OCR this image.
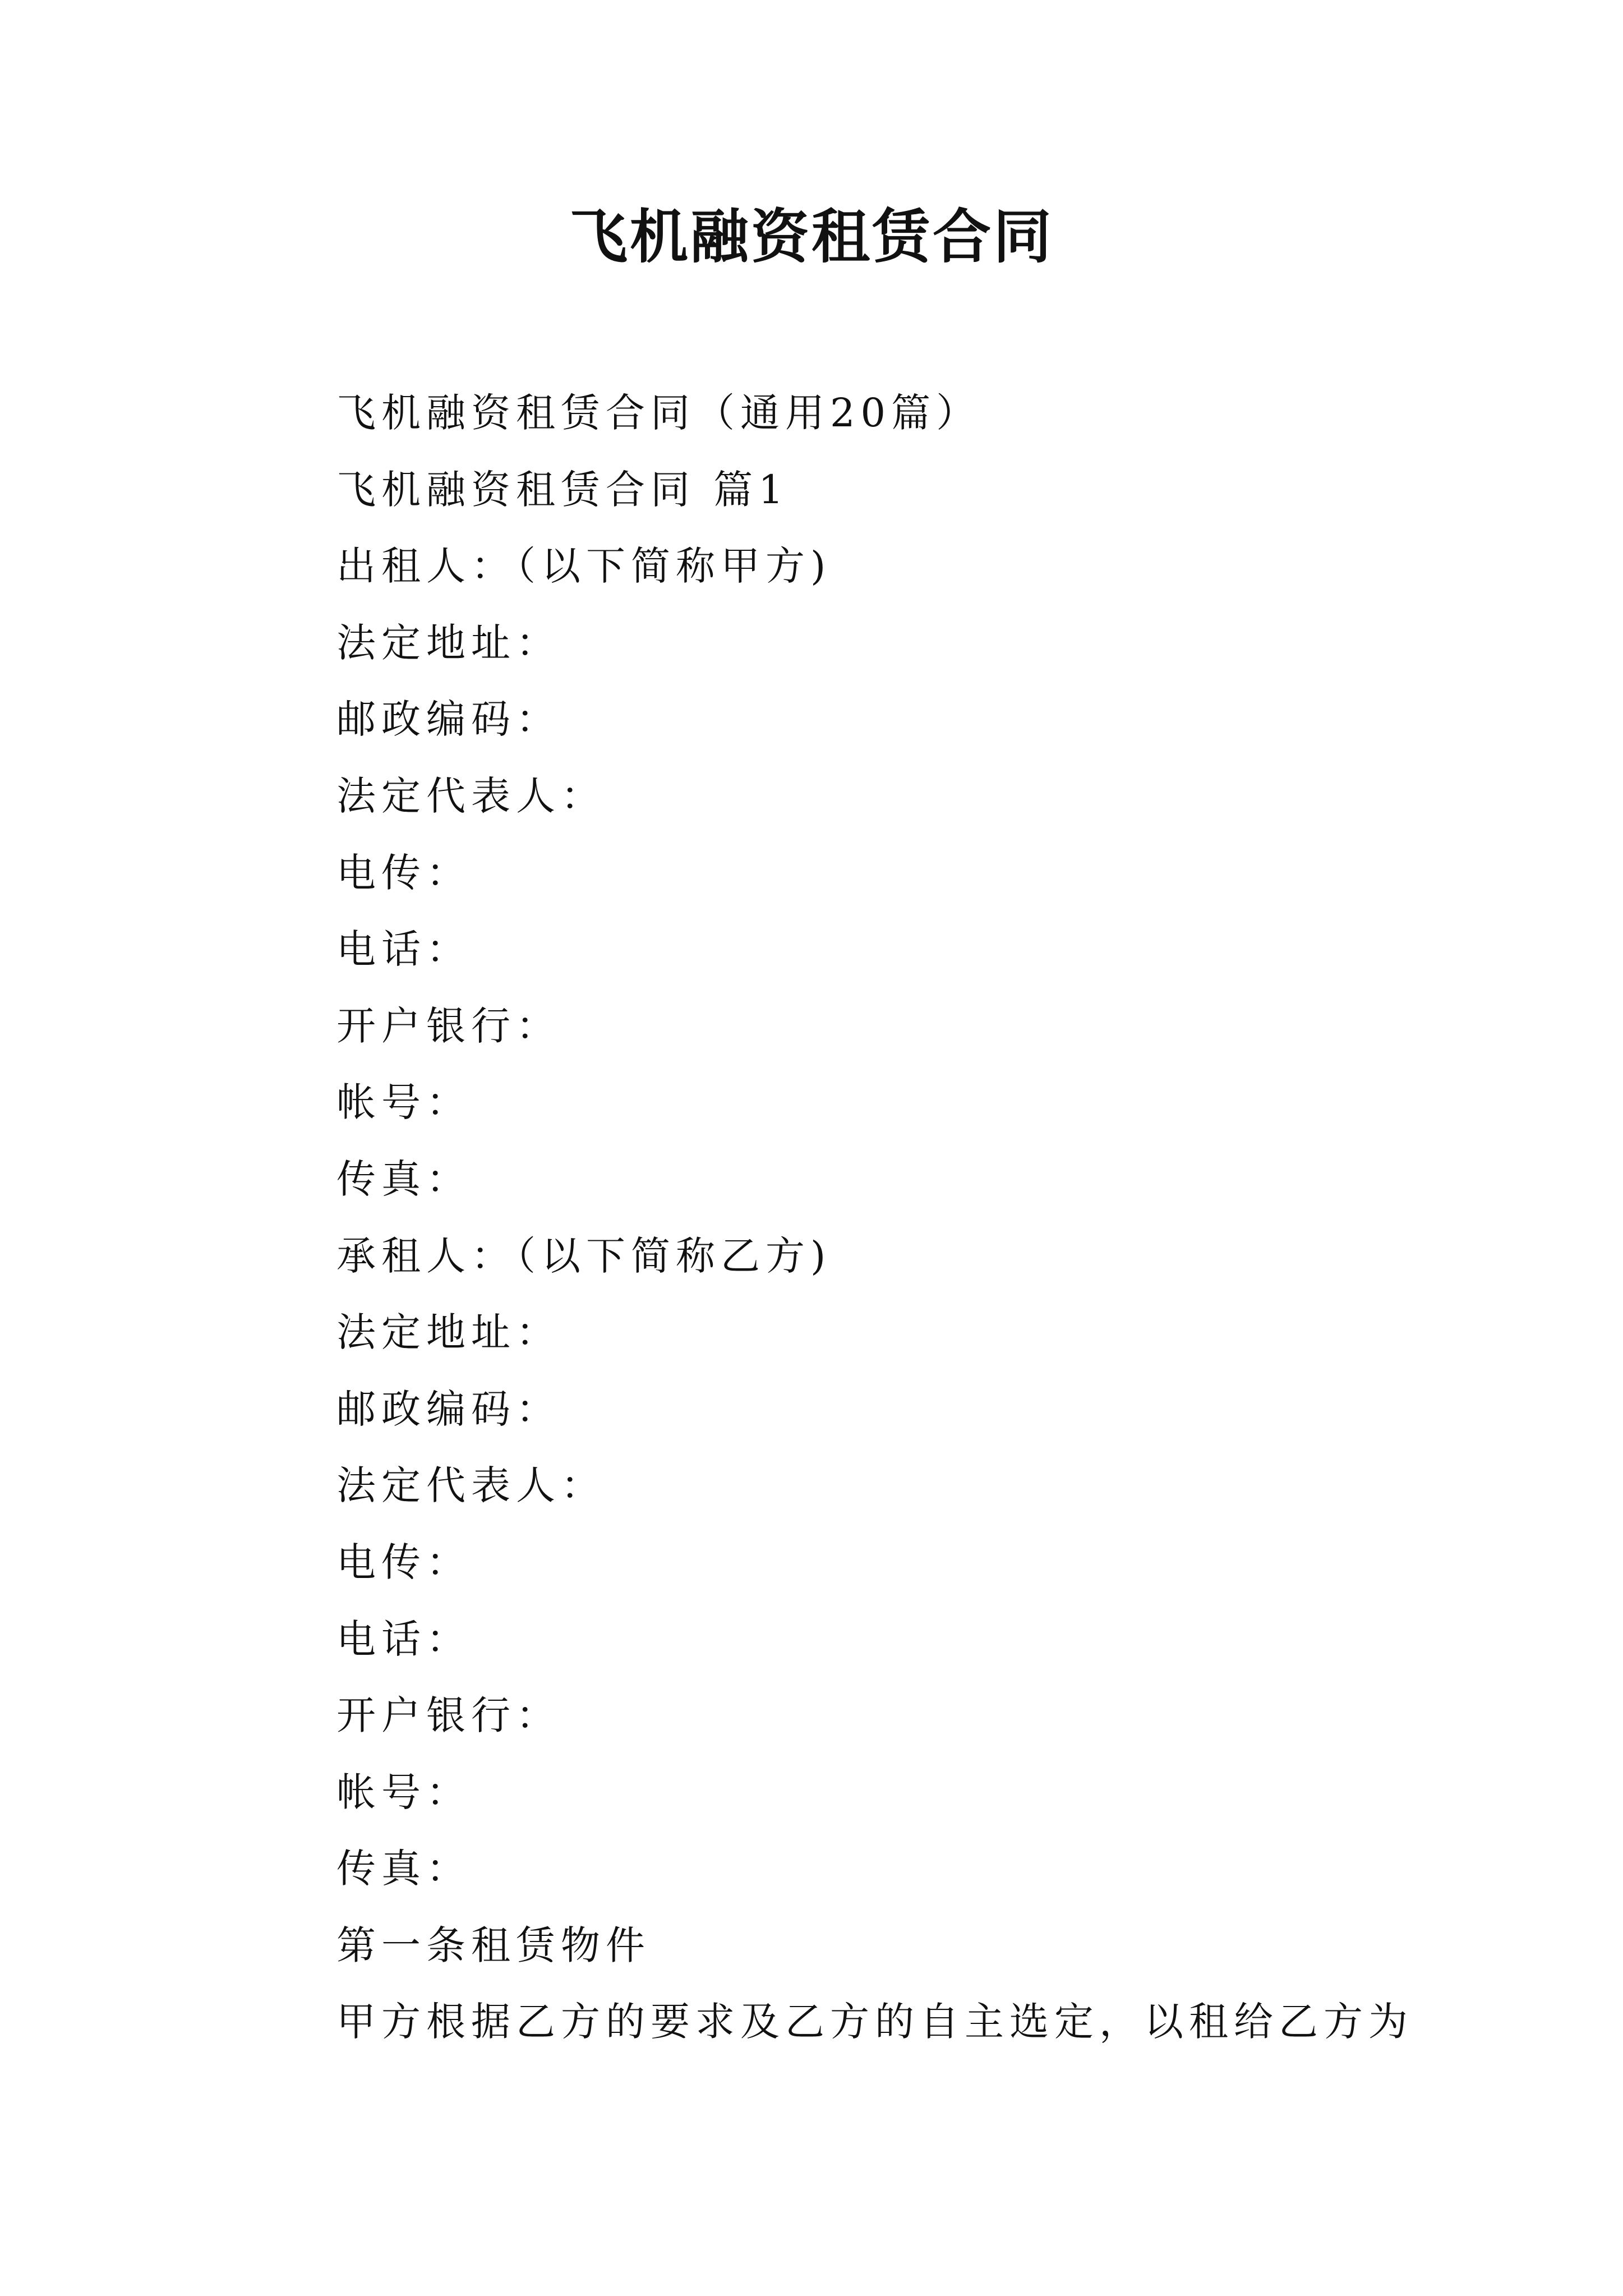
飞机融资租赁合同
飞机融资租赁合同（通用20篇）
飞机融资租赁合同 篇1
出租人：（以下简称甲方)
法定地址：
邮政编码：
法定代表人：
电传：
电话：
开户银行：
帐号：
传真：
承租人：（以下简称乙方)
法定地址：
邮政编码：
法定代表人：
电传：
电话：
开户银行：
帐号：
传真：
第一条租赁物件
甲方根据乙方的要求及乙方的自主选定，以租给乙方为
